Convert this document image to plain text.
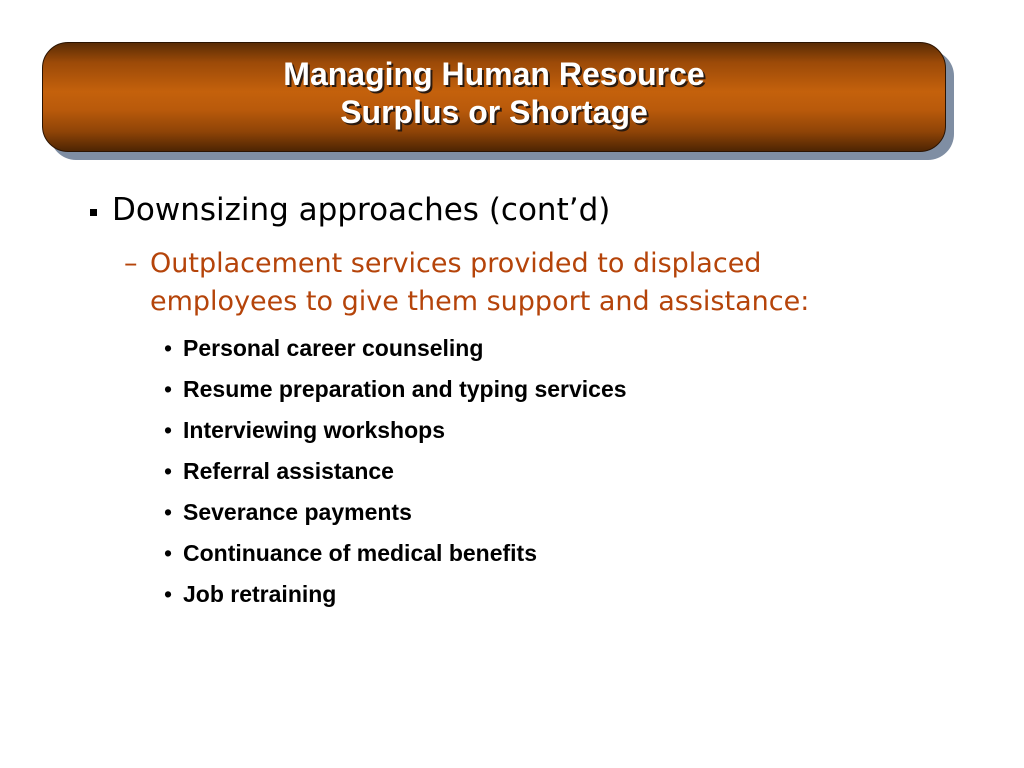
Managing Human Resource
Surplus or Shortage
Downsizing approaches (cont’d)
– Outplacement services provided to displaced employees to give them support and assistance:
• Personal career counseling
• Resume preparation and typing services
• Interviewing workshops
• Referral assistance
• Severance payments
• Continuance of medical benefits
• Job retraining
